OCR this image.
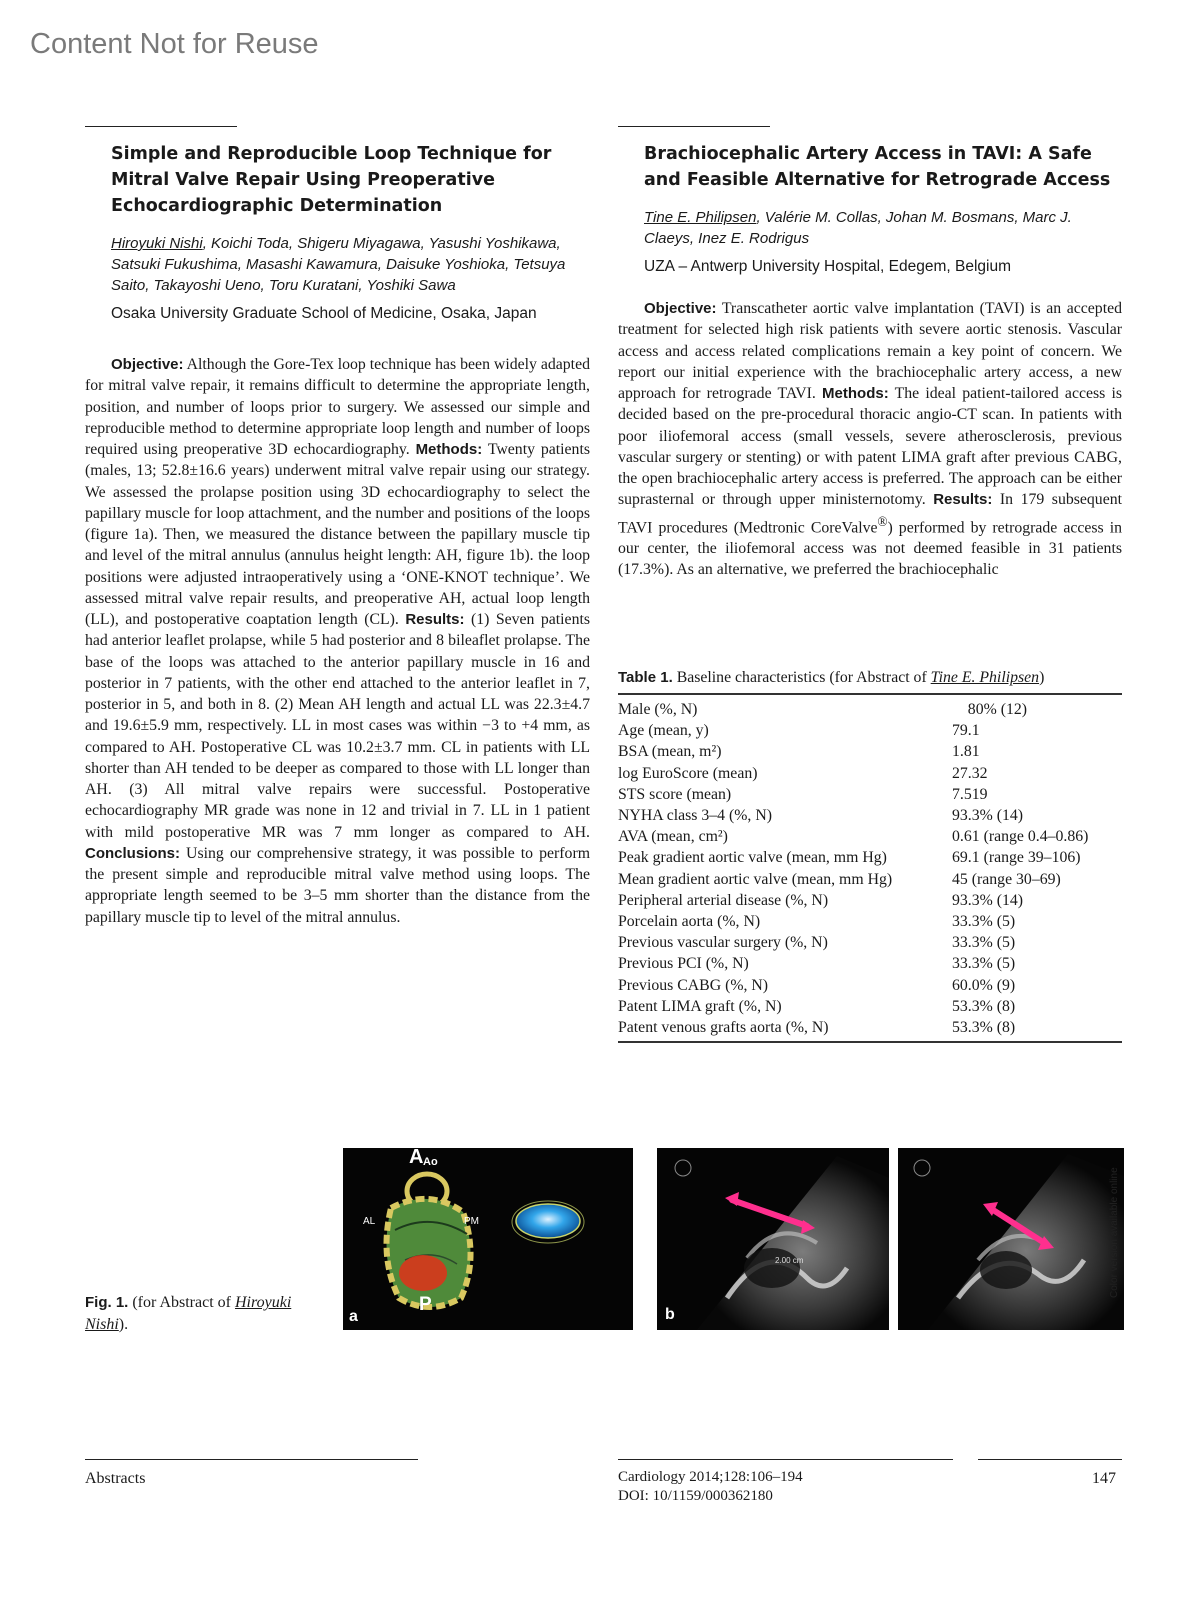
Content Not for Reuse
Simple and Reproducible Loop Technique for Mitral Valve Repair Using Preoperative Echocardiographic Determination
Hiroyuki Nishi, Koichi Toda, Shigeru Miyagawa, Yasushi Yoshikawa, Satsuki Fukushima, Masashi Kawamura, Daisuke Yoshioka, Tetsuya Saito, Takayoshi Ueno, Toru Kuratani, Yoshiki Sawa
Osaka University Graduate School of Medicine, Osaka, Japan

Objective: Although the Gore-Tex loop technique has been widely adapted for mitral valve repair, it remains difficult to determine the appropriate length, position, and number of loops prior to surgery. We assessed our simple and reproducible method to determine appropriate loop length and number of loops required using preoperative 3D echocardiography. Methods: Twenty patients (males, 13; 52.8±16.6 years) underwent mitral valve repair using our strategy. We assessed the prolapse position using 3D echocardiography to select the papillary muscle for loop attachment, and the number and positions of the loops (figure 1a). Then, we measured the distance between the papillary muscle tip and level of the mitral annulus (annulus height length: AH, figure 1b). the loop positions were adjusted intraoperatively using a ‘ONE-KNOT technique’. We assessed mitral valve repair results, and preoperative AH, actual loop length (LL), and postoperative coaptation length (CL). Results: (1) Seven patients had anterior leaflet prolapse, while 5 had posterior and 8 bileaflet prolapse. The base of the loops was attached to the anterior papillary muscle in 16 and posterior in 7 patients, with the other end attached to the anterior leaflet in 7, posterior in 5, and both in 8. (2) Mean AH length and actual LL was 22.3±4.7 and 19.6±5.9 mm, respectively. LL in most cases was within −3 to +4 mm, as compared to AH. Postoperative CL was 10.2±3.7 mm. CL in patients with LL shorter than AH tended to be deeper as compared to those with LL longer than AH. (3) All mitral valve repairs were successful. Postoperative echocardiography MR grade was none in 12 and trivial in 7. LL in 1 patient with mild postoperative MR was 7 mm longer as compared to AH. Conclusions: Using our comprehensive strategy, it was possible to perform the present simple and reproducible mitral valve method using loops. The appropriate length seemed to be 3–5 mm shorter than the distance from the papillary muscle tip to level of the mitral annulus.

Brachiocephalic Artery Access in TAVI: A Safe and Feasible Alternative for Retrograde Access
Tine E. Philipsen, Valérie M. Collas, Johan M. Bosmans, Marc J. Claeys, Inez E. Rodrigus
UZA – Antwerp University Hospital, Edegem, Belgium

Objective: Transcatheter aortic valve implantation (TAVI) is an accepted treatment for selected high risk patients with severe aortic stenosis. Vascular access and access related complications remain a key point of concern. We report our initial experience with the brachiocephalic artery access, a new approach for retrograde TAVI. Methods: The ideal patient-tailored access is decided based on the pre-procedural thoracic angio-CT scan. In patients with poor iliofemoral access (small vessels, severe atherosclerosis, previous vascular surgery or stenting) or with patent LIMA graft after previous CABG, the open brachiocephalic artery access is preferred. The approach can be either suprasternal or through upper ministernotomy. Results: In 179 subsequent TAVI procedures (Medtronic CoreValve®) performed by retrograde access in our center, the iliofemoral access was not deemed feasible in 31 patients (17.3%). As an alternative, we preferred the brachiocephalic

Table 1. Baseline characteristics (for Abstract of Tine E. Philipsen)
Male (%, N)	80% (12)
Age (mean, y)	79.1
BSA (mean, m²)	1.81
log EuroScore (mean)	27.32
STS score (mean)	7.519
NYHA class 3–4 (%, N)	93.3% (14)
AVA (mean, cm²)	0.61 (range 0.4–0.86)
Peak gradient aortic valve (mean, mm Hg)	69.1 (range 39–106)
Mean gradient aortic valve (mean, mm Hg)	45 (range 30–69)
Peripheral arterial disease (%, N)	93.3% (14)
Porcelain aorta (%, N)	33.3% (5)
Previous vascular surgery (%, N)	33.3% (5)
Previous PCI (%, N)	33.3% (5)
Previous CABG (%, N)	60.0% (9)
Patent LIMA graft (%, N)	53.3% (8)
Patent venous grafts aorta (%, N)	53.3% (8)
Fig. 1. (for Abstract of Hiroyuki Nishi).
A Ao
AL	PM
P
a
2.00 cm
b
Color version available online
Abstracts	Cardiology 2014;128:106–194
DOI: 10/1159/000362180
147
